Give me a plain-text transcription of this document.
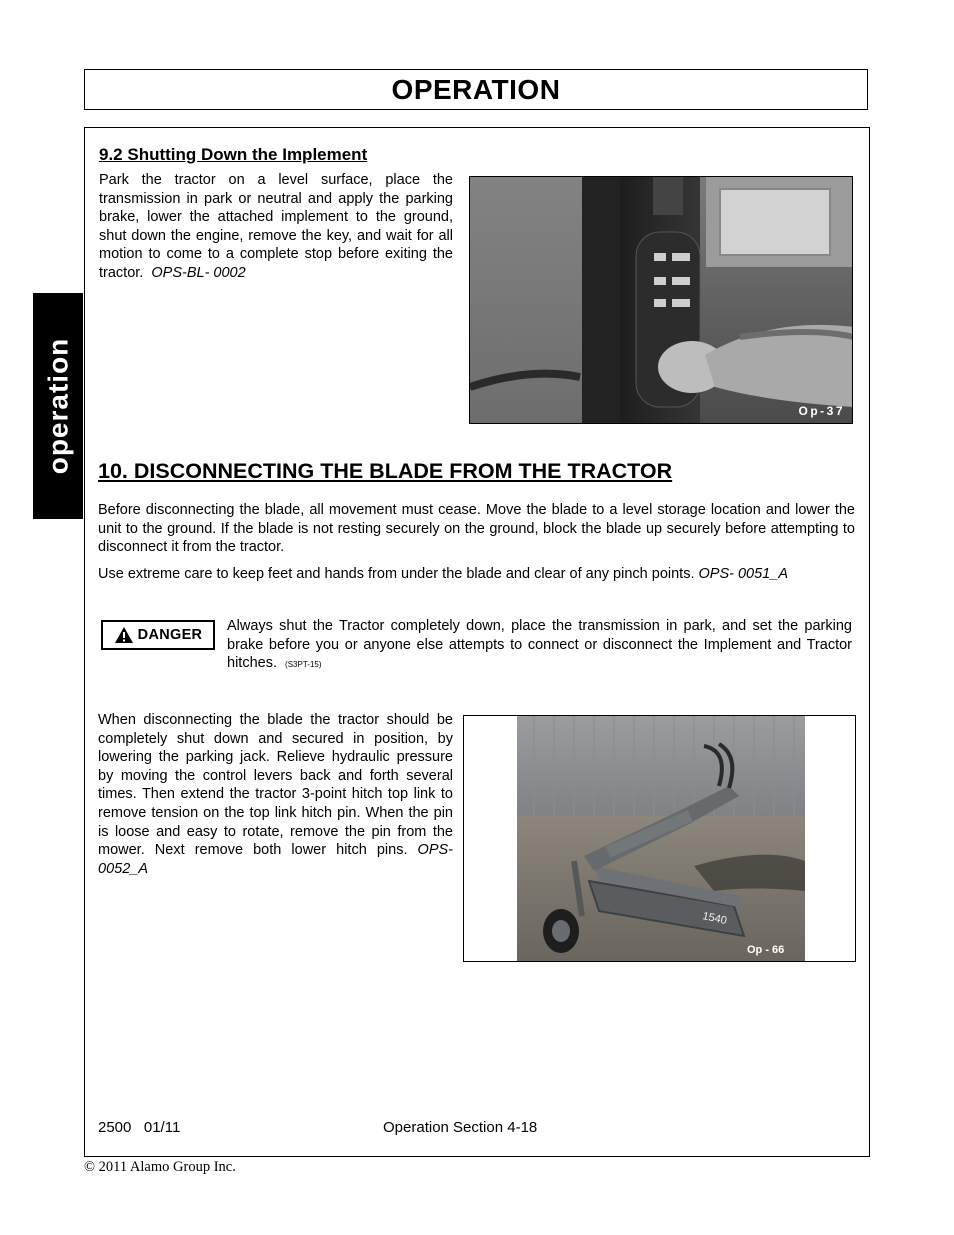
OPERATION
operation
9.2 Shutting Down the Implement

Park the tractor on a level surface, place the transmission in park or neutral and apply the parking brake, lower the attached implement to the ground, shut down the engine, remove the key, and wait for all motion to come to a complete stop before exiting the tractor. OPS-BL- 0002

Op-37
10. DISCONNECTING THE BLADE FROM THE TRACTOR

Before disconnecting the blade, all movement must cease. Move the blade to a level storage location and lower the unit to the ground. If the blade is not resting securely on the ground, block the blade up securely before attempting to disconnect it from the tractor.

Use extreme care to keep feet and hands from under the blade and clear of any pinch points. OPS- 0051_A

DANGER

Always shut the Tractor completely down, place the transmission in park, and set the parking brake before you or anyone else attempts to connect or disconnect the Implement and Tractor hitches. (S3PT-15)

When disconnecting the blade the tractor should be completely shut down and secured in position, by lowering the parking jack. Relieve hydraulic pressure by moving the control levers back and forth several times. Then extend the tractor 3-point hitch top link to remove tension on the top link hitch pin. When the pin is loose and easy to rotate, remove the pin from the mower. Next remove both lower hitch pins. OPS- 0052_A

1540
Op - 66
2500   01/11	Operation Section 4-18
© 2011 Alamo Group Inc.
